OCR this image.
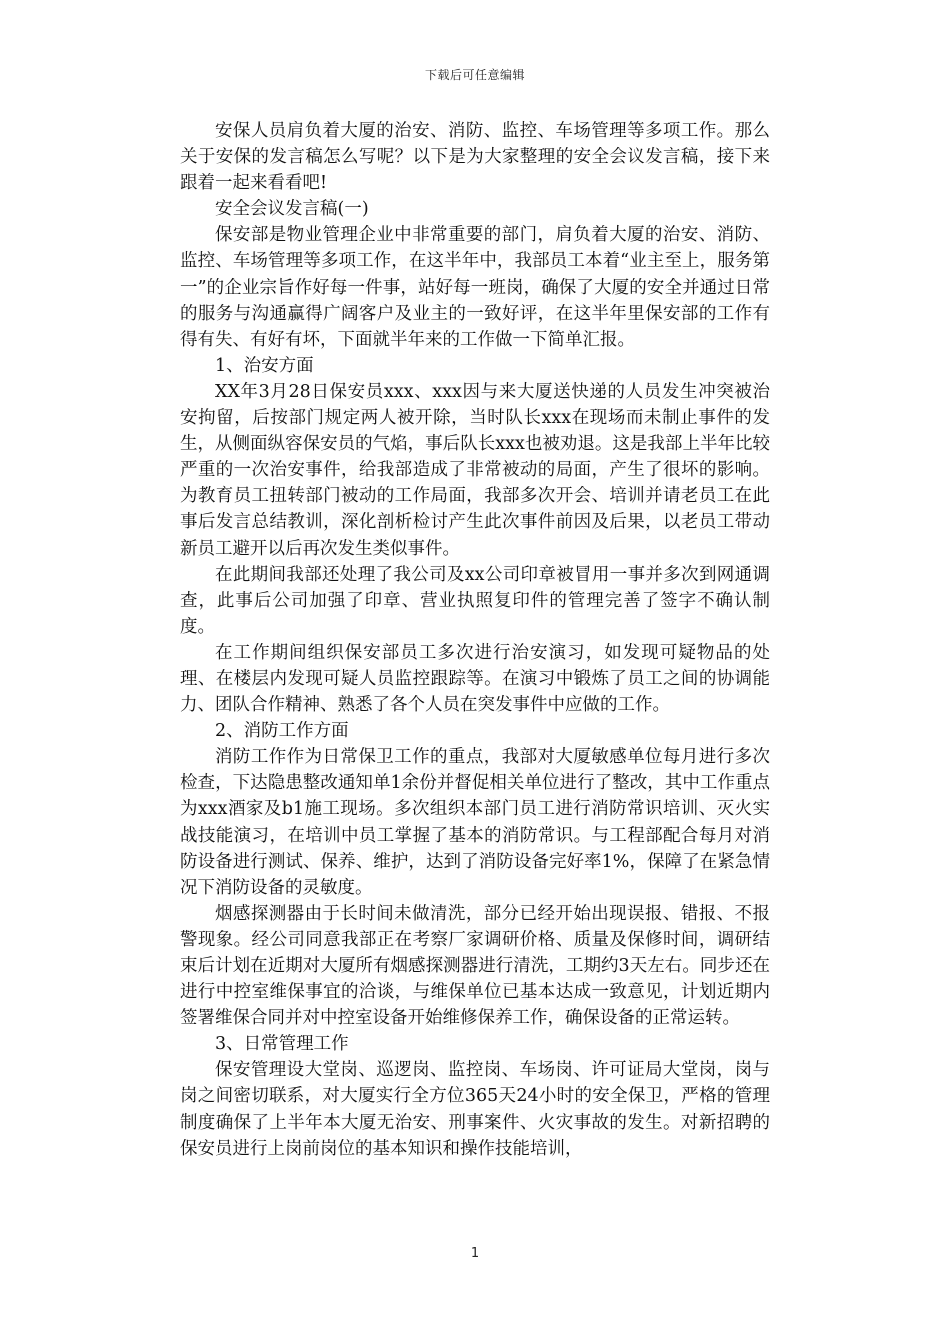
下载后可任意编辑

安保人员肩负着大厦的治安、消防、监控、车场管理等多项工作。那么关于安保的发言稿怎么写呢？以下是为大家整理的安全会议发言稿，接下来跟着一起来看看吧!

安全会议发言稿(一)

保安部是物业管理企业中非常重要的部门，肩负着大厦的治安、消防、监控、车场管理等多项工作，在这半年中，我部员工本着“业主至上，服务第一”的企业宗旨作好每一件事，站好每一班岗，确保了大厦的安全并通过日常的服务与沟通赢得广阔客户及业主的一致好评，在这半年里保安部的工作有得有失、有好有坏，下面就半年来的工作做一下简单汇报。

1、治安方面

XX年3月28日保安员xxx、xxx因与来大厦送快递的人员发生冲突被治安拘留，后按部门规定两人被开除，当时队长xxx在现场而未制止事件的发生，从侧面纵容保安员的气焰，事后队长xxx也被劝退。这是我部上半年比较严重的一次治安事件，给我部造成了非常被动的局面，产生了很坏的影响。为教育员工扭转部门被动的工作局面，我部多次开会、培训并请老员工在此事后发言总结教训，深化剖析检讨产生此次事件前因及后果，以老员工带动新员工避开以后再次发生类似事件。

在此期间我部还处理了我公司及xx公司印章被冒用一事并多次到网通调查，此事后公司加强了印章、营业执照复印件的管理完善了签字不确认制度。

在工作期间组织保安部员工多次进行治安演习，如发现可疑物品的处理、在楼层内发现可疑人员监控跟踪等。在演习中锻炼了员工之间的协调能力、团队合作精神、熟悉了各个人员在突发事件中应做的工作。

2、消防工作方面

消防工作作为日常保卫工作的重点，我部对大厦敏感单位每月进行多次检查，下达隐患整改通知单1余份并督促相关单位进行了整改，其中工作重点为xxx酒家及b1施工现场。多次组织本部门员工进行消防常识培训、灭火实战技能演习，在培训中员工掌握了基本的消防常识。与工程部配合每月对消防设备进行测试、保养、维护，达到了消防设备完好率1%，保障了在紧急情况下消防设备的灵敏度。

烟感探测器由于长时间未做清洗，部分已经开始出现误报、错报、不报警现象。经公司同意我部正在考察厂家调研价格、质量及保修时间，调研结束后计划在近期对大厦所有烟感探测器进行清洗，工期约3天左右。同步还在进行中控室维保事宜的洽谈，与维保单位已基本达成一致意见，计划近期内签署维保合同并对中控室设备开始维修保养工作，确保设备的正常运转。

3、日常管理工作

保安管理设大堂岗、巡逻岗、监控岗、车场岗、许可证局大堂岗，岗与岗之间密切联系，对大厦实行全方位365天24小时的安全保卫，严格的管理制度确保了上半年本大厦无治安、刑事案件、火灾事故的发生。对新招聘的保安员进行上岗前岗位的基本知识和操作技能培训，

1
